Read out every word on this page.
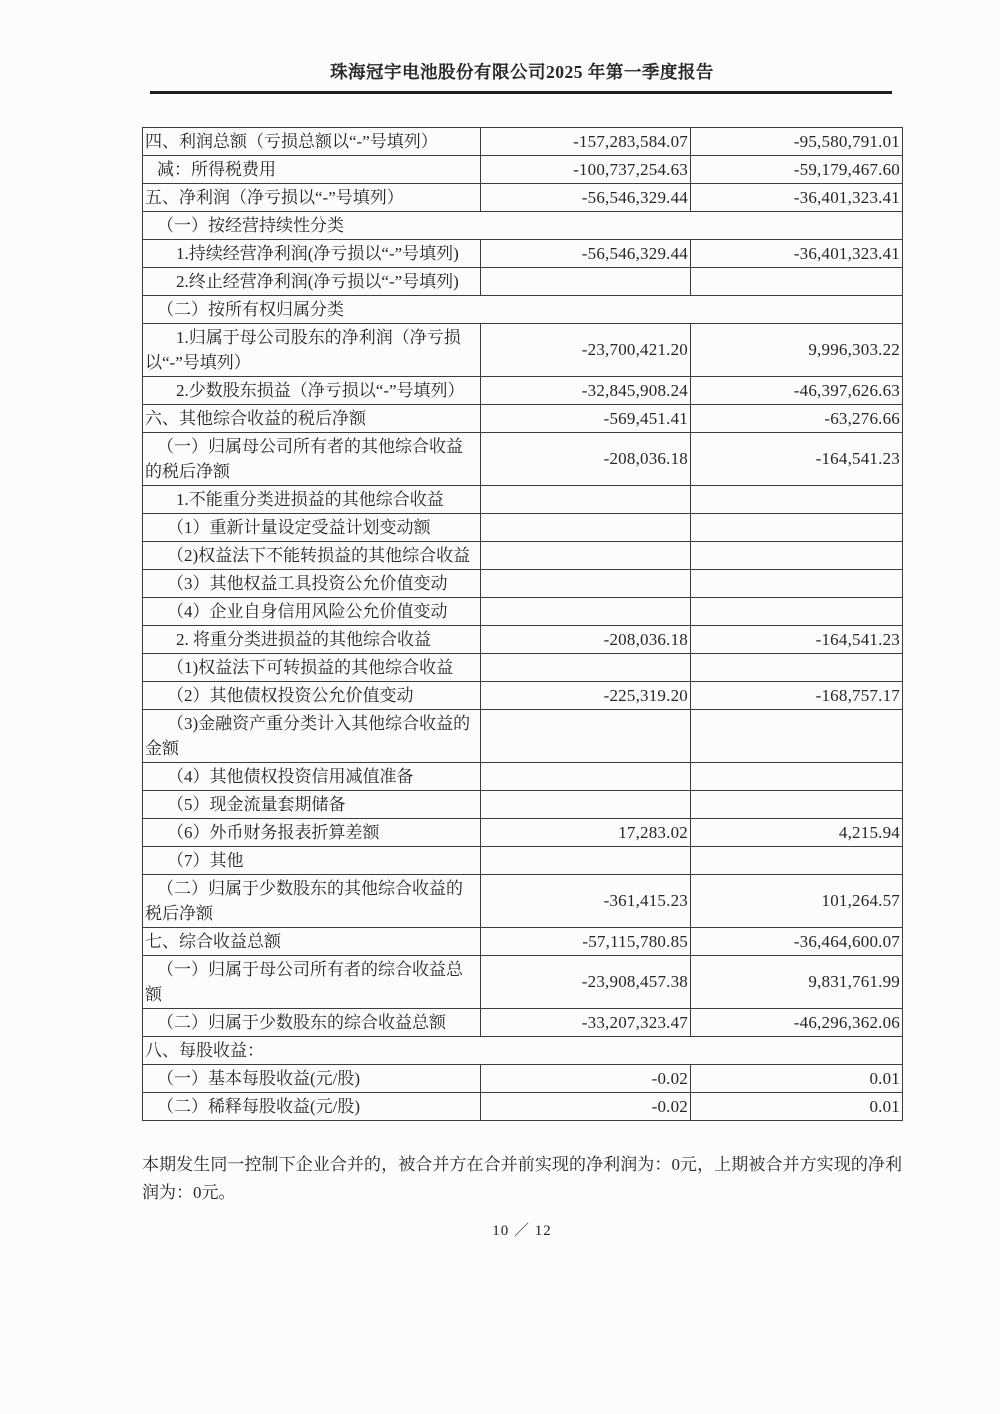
珠海冠宇电池股份有限公司2025 年第一季度报告
四、利润总额（亏损总额以“-”号填列）	-157,283,584.07	-95,580,791.01
减：所得税费用	-100,737,254.63	-59,179,467.60
五、净利润（净亏损以“-”号填列）	-56,546,329.44	-36,401,323.41
（一）按经营持续性分类		
1.持续经营净利润(净亏损以“-”号填列)	-56,546,329.44	-36,401,323.41
2.终止经营净利润(净亏损以“-”号填列)		
（二）按所有权归属分类		
1.归属于母公司股东的净利润（净亏损以“-”号填列）	-23,700,421.20	9,996,303.22
2.少数股东损益（净亏损以“-”号填列）	-32,845,908.24	-46,397,626.63
六、其他综合收益的税后净额	-569,451.41	-63,276.66
（一）归属母公司所有者的其他综合收益的税后净额	-208,036.18	-164,541.23
1.不能重分类进损益的其他综合收益		
（1）重新计量设定受益计划变动额		
（2)权益法下不能转损益的其他综合收益		
（3）其他权益工具投资公允价值变动		
（4）企业自身信用风险公允价值变动		
2. 将重分类进损益的其他综合收益	-208,036.18	-164,541.23
（1)权益法下可转损益的其他综合收益		
（2）其他债权投资公允价值变动	-225,319.20	-168,757.17
（3)金融资产重分类计入其他综合收益的金额		
（4）其他债权投资信用减值准备		
（5）现金流量套期储备		
（6）外币财务报表折算差额	17,283.02	4,215.94
（7）其他		
（二）归属于少数股东的其他综合收益的税后净额	-361,415.23	101,264.57
七、综合收益总额	-57,115,780.85	-36,464,600.07
（一）归属于母公司所有者的综合收益总额	-23,908,457.38	9,831,761.99
（二）归属于少数股东的综合收益总额	-33,207,323.47	-46,296,362.06
八、每股收益：		
（一）基本每股收益(元/股)	-0.02	0.01
（二）稀释每股收益(元/股)	-0.02	0.01

本期发生同一控制下企业合并的，被合并方在合并前实现的净利润为：0元，上期被合并方实现的净利润为：0元。

10 ／ 12
